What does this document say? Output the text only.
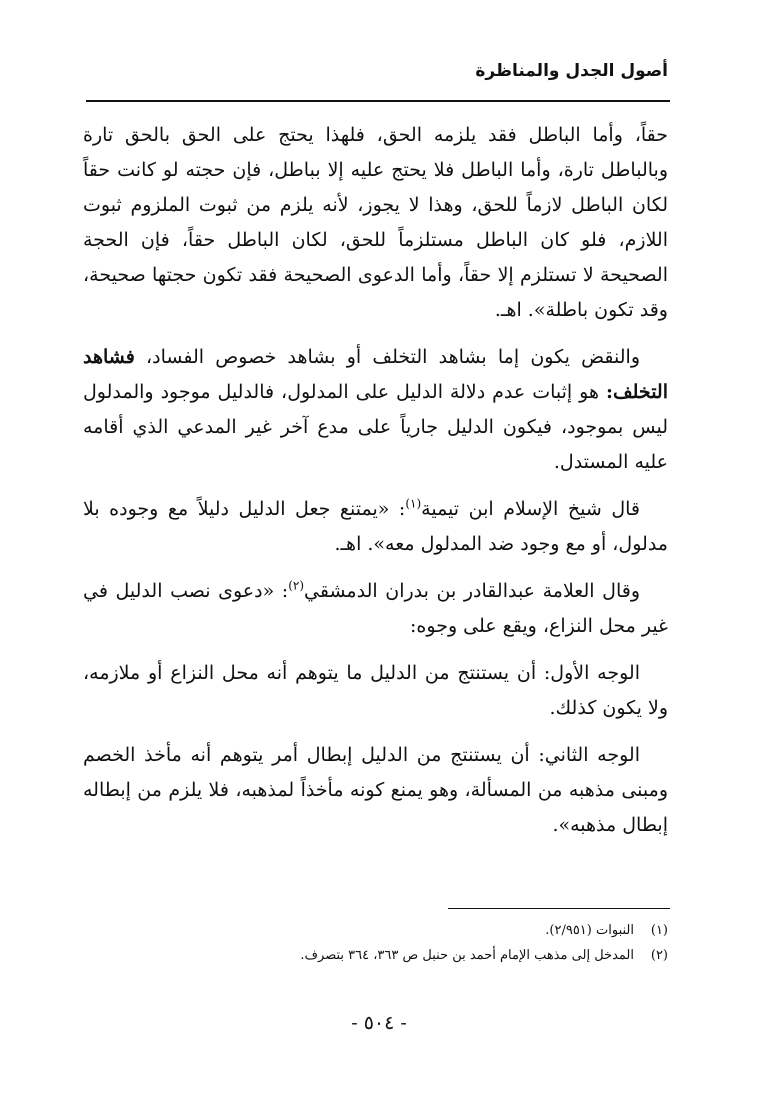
أصول الجدل والمناظرة

حقاً، وأما الباطل فقد يلزمه الحق، فلهذا يحتج على الحق بالحق تارة وبالباطل تارة، وأما الباطل فلا يحتج عليه إلا بباطل، فإن حجته لو كانت حقاً لكان الباطل لازماً للحق، وهذا لا يجوز، لأنه يلزم من ثبوت الملزوم ثبوت اللازم، فلو كان الباطل مستلزماً للحق، لكان الباطل حقاً، فإن الحجة الصحيحة لا تستلزم إلا حقاً، وأما الدعوى الصحيحة فقد تكون حجتها صحيحة، وقد تكون باطلة». اهـ.

والنقض يكون إما بشاهد التخلف أو بشاهد خصوص الفساد، فشاهد التخلف: هو إثبات عدم دلالة الدليل على المدلول، فالدليل موجود والمدلول ليس بموجود، فيكون الدليل جارياً على مدع آخر غير المدعي الذي أقامه عليه المستدل.

قال شيخ الإسلام ابن تيمية$^{(١)}$: «يمتنع جعل الدليل دليلاً مع وجوده بلا مدلول، أو مع وجود ضد المدلول معه». اهـ.

وقال العلامة عبدالقادر بن بدران الدمشقي$^{(٢)}$: «دعوى نصب الدليل في غير محل النزاع، ويقع على وجوه:

الوجه الأول: أن يستنتج من الدليل ما يتوهم أنه محل النزاع أو ملازمه، ولا يكون كذلك.

الوجه الثاني: أن يستنتج من الدليل إبطال أمر يتوهم أنه مأخذ الخصم ومبنى مذهبه من المسألة، وهو يمنع كونه مأخذاً لمذهبه، فلا يلزم من إبطاله إبطال مذهبه».

(١)النبوات (٢/٩٥١).
(٢)المدخل إلى مذهب الإمام أحمد بن حنبل ص ٣٦٣، ٣٦٤ بتصرف.
- ٥٠٤ -
